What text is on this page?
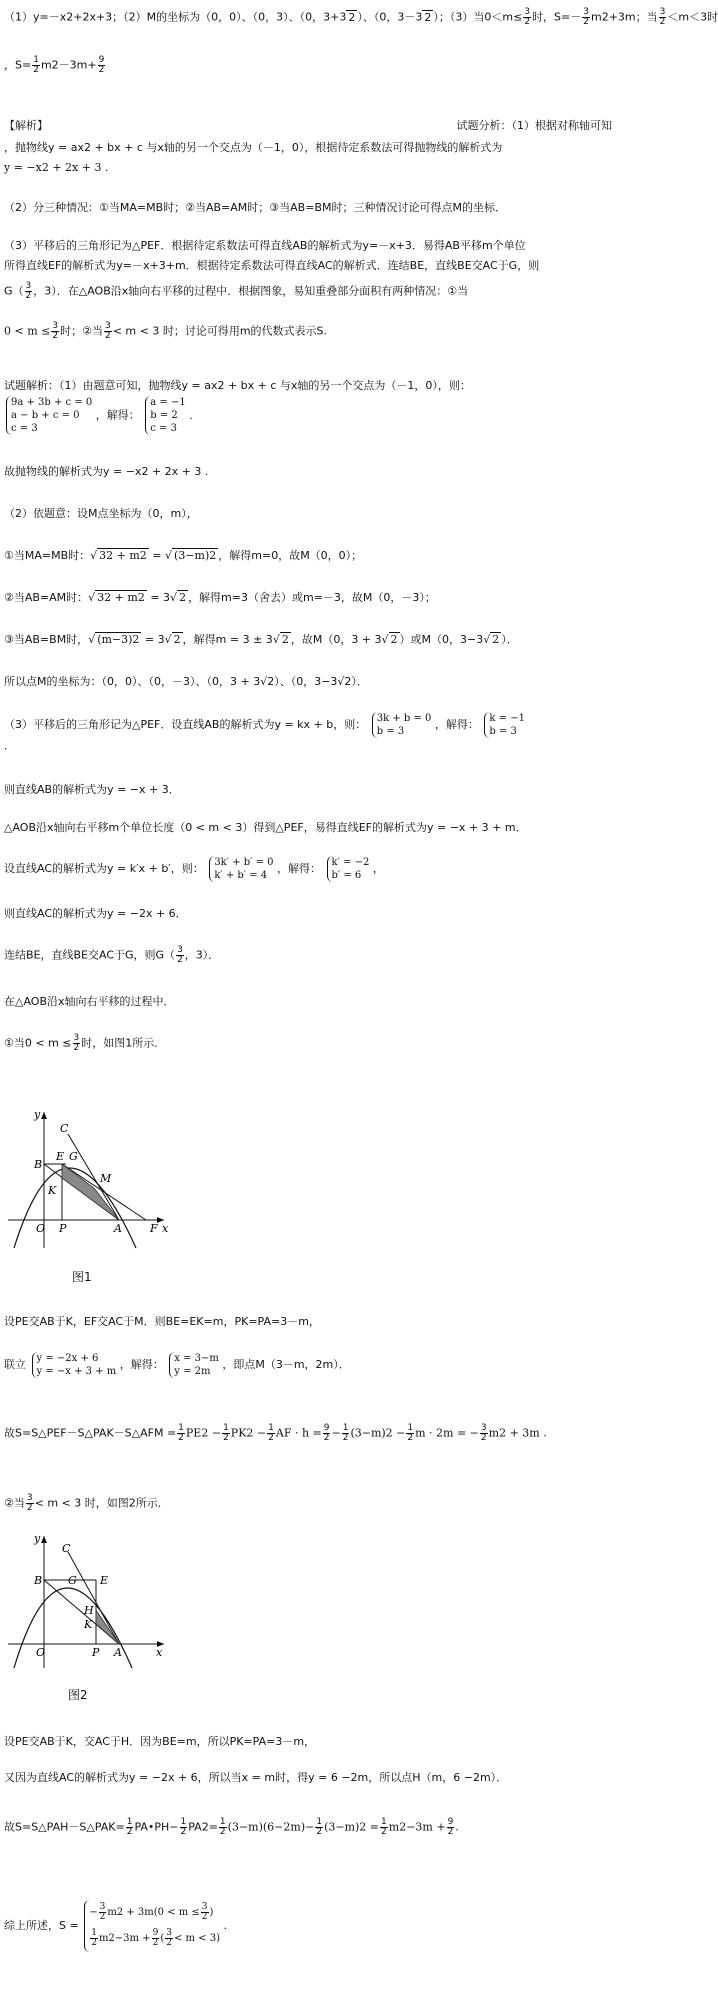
（1）y=－x2+2x+3；（2）M的坐标为（0，0）、（0，3）、（0，3+3 2 ）、（0，3－3 2 ）；（3）当$0<m\le \frac{3}{2}$ 时，$S=- \frac{3}{2} m2+3m$；当 $\frac{3}{2} <m<3$时
，$S= \frac{1}{2} m2-3m+ \frac{9}{2}$
【解析】	试题分析：（1）根据对称轴可知
，抛物线y = ax2 + bx + c 与x轴的另一个交点为（－1，0），根据待定系数法可得抛物线的解析式为
y = −x2 + 2x + 3 .
（2）分三种情况：①当MA=MB时；②当AB=AM时；③当AB=BM时；三种情况讨论可得点M的坐标．
（3）平移后的三角形记为△PEF．根据待定系数法可得直线AB的解析式为y=－x+3．易得AB平移m个单位
所得直线EF的解析式为y=－x+3+m．根据待定系数法可得直线AC的解析式．连结BE，直线BE交AC于G，则
$G( \frac{3}{2}$ ，3）．在△AOB沿x轴向右平移的过程中．根据图象，易知重叠部分面积有两种情况：①当
$0 < m \le \frac{3}{2}$ 时；②当 $\frac{3}{2} < m < 3$ 时；讨论可得用m的代数式表示S.
试题解析：（1）由题意可知，抛物线y = ax2 + bx + c 与x轴的另一个交点为（－1，0），则：
9a + 3b + c = 0
a − b + c = 0
c = 3
，解得：
a = −1
b = 2
c = 3
．
故抛物线的解析式为y = −x2 + 2x + 3 .
（2）依题意：设M点坐标为（0，m），
①当MA=MB时：√ 32 + m2 = √ (3−m)2 ，解得m=0，故M（0，0）；
②当AB=AM时：√ 32 + m2 = 3√ 2 ，解得m=3（舍去）或m=－3，故M（0，－3）；
③当AB=BM时，√ (m−3)2 = 3√ 2 ，解得m = 3 ± 3√ 2 ，故M（0，3 + 3√ 2 ）或M（0，3−3√ 2 ）．
所以点M的坐标为：（0，0）、（0，－3）、（0，3 + 3√2）、（0，3−3√2）．
（3）平移后的三角形记为△PEF．设直线AB的解析式为y = kx + b，则： 3k + b = 0
b = 3
，解得： k = −1
b = 3
．
则直线AB的解析式为y = −x + 3．
△AOB沿x轴向右平移m个单位长度（0 < m < 3）得到△PEF，易得直线EF的解析式为y = −x + 3 + m．
设直线AC的解析式为y = k′x + b′，则： 3k′ + b′ = 0
k′ + b′ = 4
，解得： k′ = −2
b′ = 6
，
则直线AC的解析式为y = −2x + 6．
连结BE，直线BE交AC于G，则$G( \frac{3}{2}$ ，3）．
在△AOB沿x轴向右平移的过程中．
①当$0 < m \le \frac{3}{2}$ 时，如图1所示．
y
C
B
E G
M
K
O P	A	F x
图1
设PE交AB于K，EF交AC于M．则BE=EK=m，PK=PA=3－m，
联立 y = −2x + 6
y = −x + 3 + m
，解得： x = 3−m
y = 2m
，即点M（3－m，2m）．
故S=S△PEF－S△PAK－S△AFM = $\frac{1}{2} PE2 - \frac{1}{2} PK2 - \frac{1}{2}$ AF · $h = \frac{9}{2} - \frac{1}{2} (3-m)2 - \frac{1}{2}$ m · 2m = − $\frac{3}{2} m2 + 3m$ .
②当 $\frac{3}{2} < m < 3$ 时，如图2所示．
y
C
B G E
H
K
O	P A	x
图2
设PE交AB于K，交AC于H．因为BE=m，所以PK=PA=3－m，
又因为直线AC的解析式为y = −2x + 6，所以当x = m时，得y = 6 −2m，所以点H（m，6 −2m）．
故S=S△PAH－S△PAK= $\frac{1}{2}$ PA•PH− $\frac{1}{2} PA2= \frac{1}{2} (3-m)(6-2m)- \frac{1}{2} (3-m)2 = \frac{1}{2} m2-3m + \frac{9}{2}$ .
综上所述，S =
− $\frac{3}{2} m2 + 3m(0 < m \le \frac{3}{2}$ )
$\frac{1}{2} m2-3m + \frac{9}{2}$ ( $\frac{3}{2} < m < 3$)
.
